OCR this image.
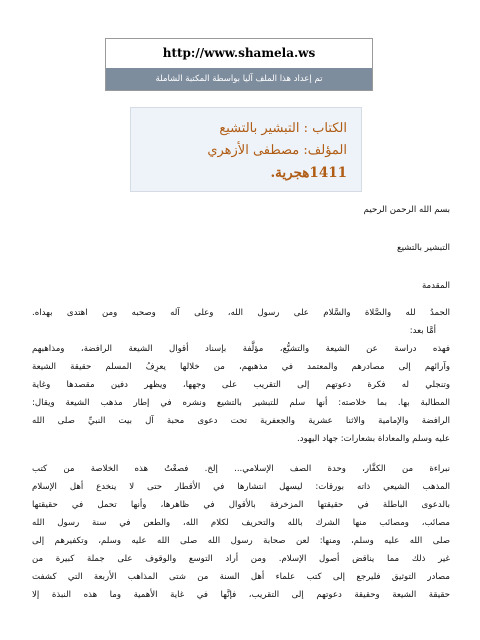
http://www.shamela.ws
تم إعداد هذا الملف آليا بواسطة المكتبة الشاملة
الكتاب : التبشير بالتشيع
المؤلف: مصطفى الأزهري
1411هجرية.
بسم الله الرحمن الرحيم
التبشير بالتشيع
المقدمة
الحمدُ لله والصَّلاة والسَّلام على رسول الله، وعلى آله وصحبه ومن اهتدى بهداه.
أمَّا بعد:
فهذه دراسة عن الشيعة والتشيُّع، مؤلَّفة بإسناد أقوال الشيعة الرافضة، ومذاهبهم
وآرائهم إلى مصادرهم والمعتمد في مذهبهم، من خلالها يعرِفُ المسلم حقيقة الشيعة
وتنجلي له فكرة دعوتهم إلى التقريب على وجهها، ويظهر دفين مقصدها وغاية
المطالبة بها. بما خلاصته: أنها سلم للتبشير بالتشيع ونشره في إطار مذهب الشيعة ويقال:
الرافضة والإمامية والاثنا عشرية والجعفرية تحت دعوى محبة آل بيت النبيِّ صلى الله
عليه وسلم والمعاداة بشعارات: جهاد اليهود.
نبراءة من الكفَّار، وحدة الصف الإسلامي... إلخ. فصعْتُ هذه الخلاصة من كتب
المذهب الشيعي ذاته بورقات: ليسهل انتشارها في الأقطار حتى لا ينخدع أهل الإسلام
بالدعوى الباطلة في حقيقتها المزخرفة بالأقوال في ظاهرها، وأنها تحمل في حقيقتها
مصائب، ومصائب منها الشرك بالله والتحريف لكلام الله، والطعن في سنة رسول الله
صلى الله عليه وسلم، ومنها: لعن صحابة رسول الله صلى الله عليه وسلم، وتكفيرهم إلى
غير ذلك مما يناقض أصول الإسلام. ومن أراد التوسع والوقوف على جملة كبيرة من
مصادر التوثيق فليرجع إلى كتب علماء أهل السنة من شتى المذاهب الأربعة التي كشفت
حقيقة الشيعة وحقيقة دعوتهم إلى التقريب، فإنَّها في غاية الأهمية وما هذه النبذة إلا
